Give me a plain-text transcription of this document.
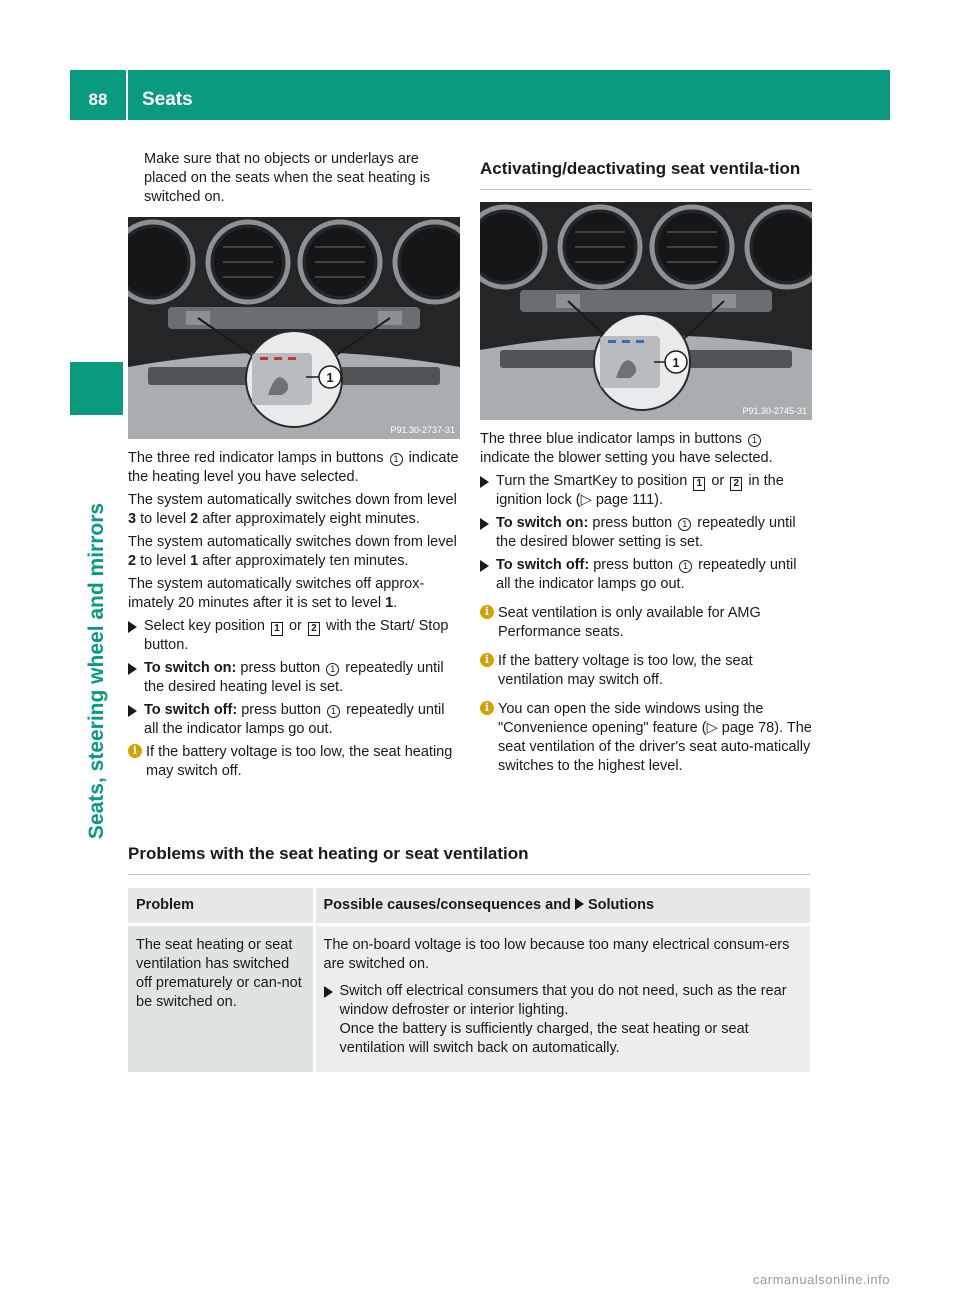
88	Seats
Seats, steering wheel and mirrors

Make sure that no objects or underlays are placed on the seats when the seat heating is switched on.

1
P91.30-2737-31

The three red indicator lamps in buttons 1 indicate the heating level you have selected.

The system automatically switches down from level 3 to level 2 after approximately eight minutes.

The system automatically switches down from level 2 to level 1 after approximately ten minutes.

The system automatically switches off approx-imately 20 minutes after it is set to level 1.

Select key position 1 or 2 with the Start/ Stop button.
To switch on: press button 1 repeatedly until the desired heating level is set.
To switch off: press button 1 repeatedly until all the indicator lamps go out.
i If the battery voltage is too low, the seat heating may switch off.
Activating/deactivating seat ventila-tion
1
P91.30-2745-31

The three blue indicator lamps in buttons 1 indicate the blower setting you have selected.

Turn the SmartKey to position 1 or 2 in the ignition lock (▷ page 111).
To switch on: press button 1 repeatedly until the desired blower setting is set.
To switch off: press button 1 repeatedly until all the indicator lamps go out.
i Seat ventilation is only available for AMG Performance seats.
i If the battery voltage is too low, the seat ventilation may switch off.
i You can open the side windows using the "Convenience opening" feature (▷ page 78). The seat ventilation of the driver's seat auto-matically switches to the highest level.
Problems with the seat heating or seat ventilation
Problem	Possible causes/consequences and Solutions
The seat heating or seat ventilation has switched off prematurely or can-not be switched on.	The on-board voltage is too low because too many electrical consum-ers are switched on.

Switch off electrical consumers that you do not need, such as the rear window defroster or interior lighting.
Once the battery is sufficiently charged, the seat heating or seat ventilation will switch back on automatically.
carmanualsonline.info
